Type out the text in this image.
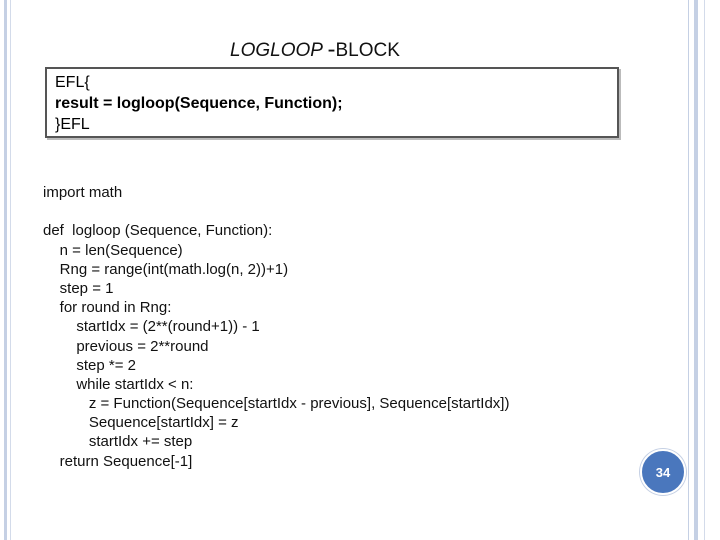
LOGLOOP -BLOCK
EFL{
result = logloop(Sequence, Function);
}EFL
import math
def  logloop (Sequence, Function):
n = len(Sequence)
Rng = range(int(math.log(n, 2))+1)
step = 1
for round in Rng:
startIdx = (2**(round+1)) - 1
previous = 2**round
step *= 2
while startIdx < n:
z = Function(Sequence[startIdx - previous], Sequence[startIdx])
Sequence[startIdx] = z
startIdx += step
return Sequence[-1]
34
